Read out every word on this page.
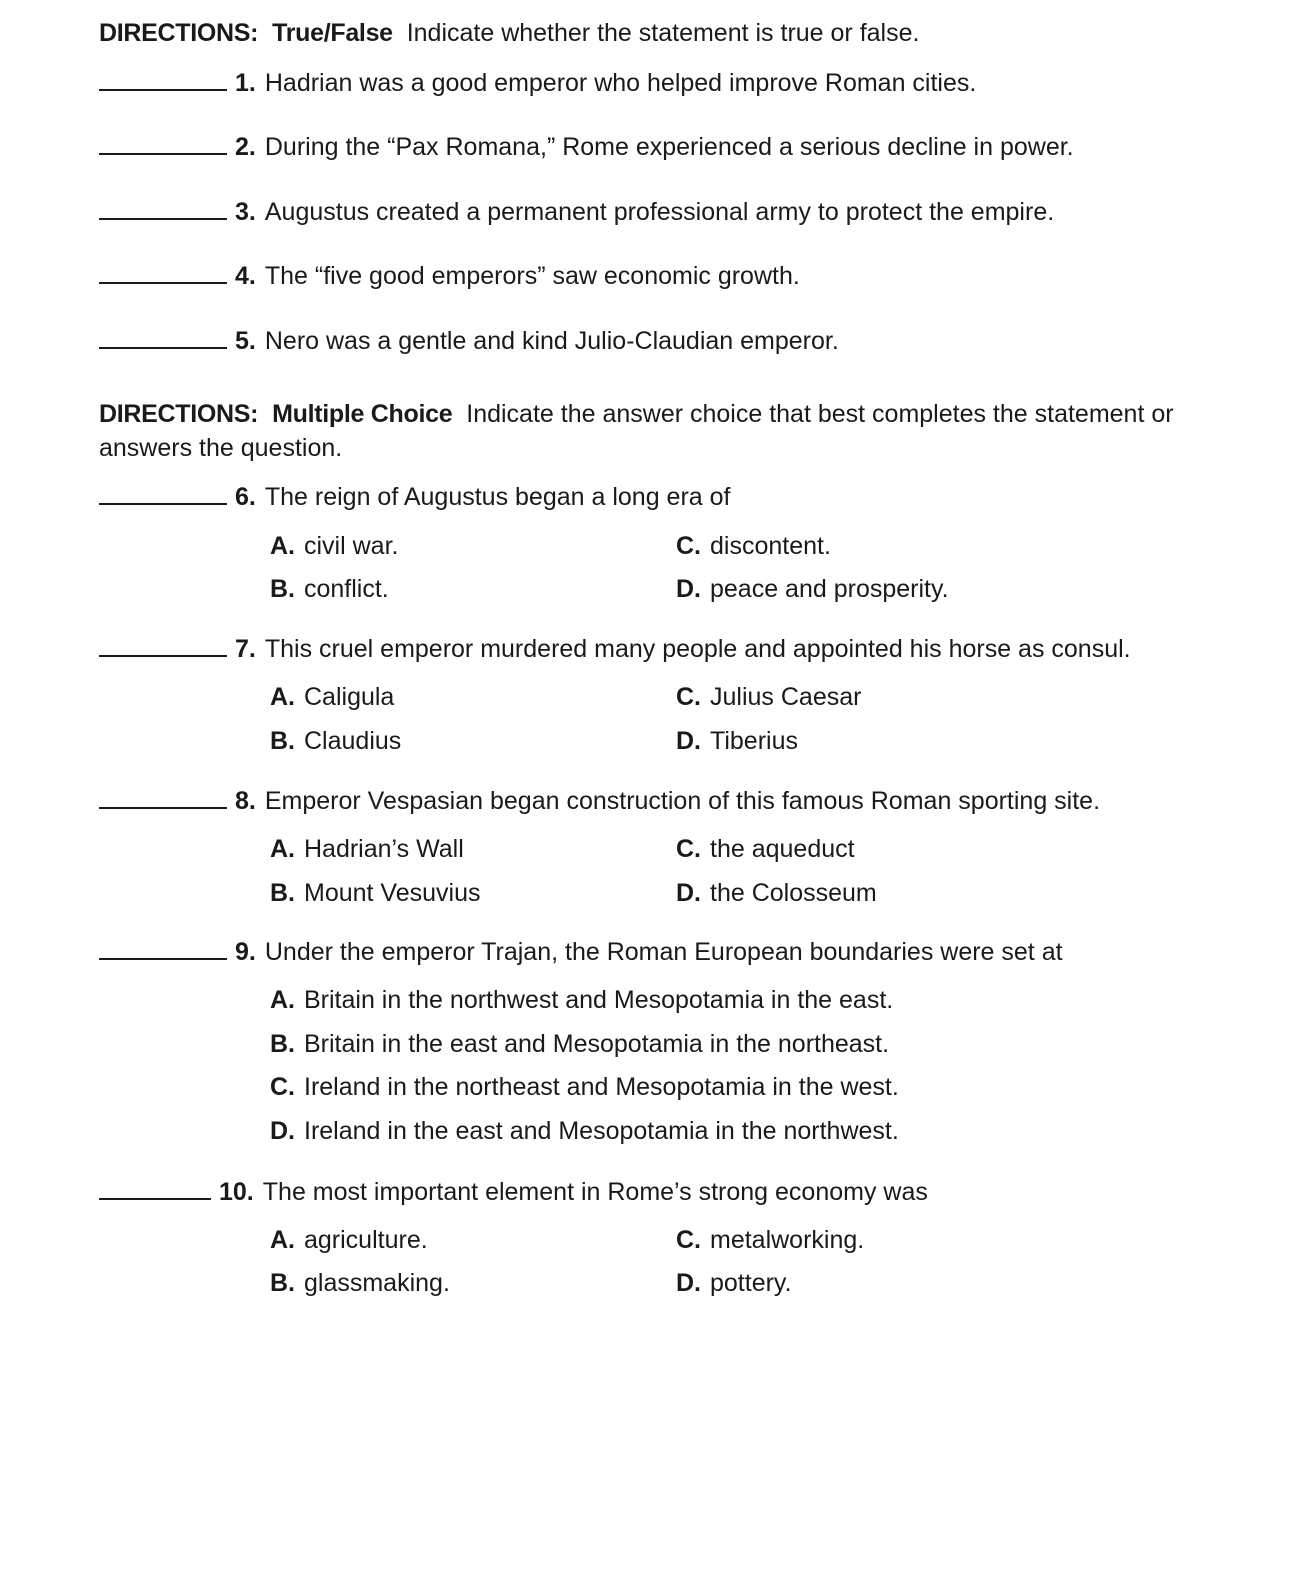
DIRECTIONS: True/False Indicate whether the statement is true or false.
1. Hadrian was a good emperor who helped improve Roman cities.
2. During the “Pax Romana,” Rome experienced a serious decline in power.
3. Augustus created a permanent professional army to protect the empire.
4. The “five good emperors” saw economic growth.
5. Nero was a gentle and kind Julio-Claudian emperor.
DIRECTIONS: Multiple Choice Indicate the answer choice that best completes the statement or answers the question.
6. The reign of Augustus began a long era of
A. civil war.
B. conflict.
C. discontent.
D. peace and prosperity.
7. This cruel emperor murdered many people and appointed his horse as consul.
A. Caligula
B. Claudius
C. Julius Caesar
D. Tiberius
8. Emperor Vespasian began construction of this famous Roman sporting site.
A. Hadrian’s Wall
B. Mount Vesuvius
C. the aqueduct
D. the Colosseum
9. Under the emperor Trajan, the Roman European boundaries were set at
A. Britain in the northwest and Mesopotamia in the east.
B. Britain in the east and Mesopotamia in the northeast.
C. Ireland in the northeast and Mesopotamia in the west.
D. Ireland in the east and Mesopotamia in the northwest.
10. The most important element in Rome’s strong economy was
A. agriculture.
B. glassmaking.
C. metalworking.
D. pottery.
